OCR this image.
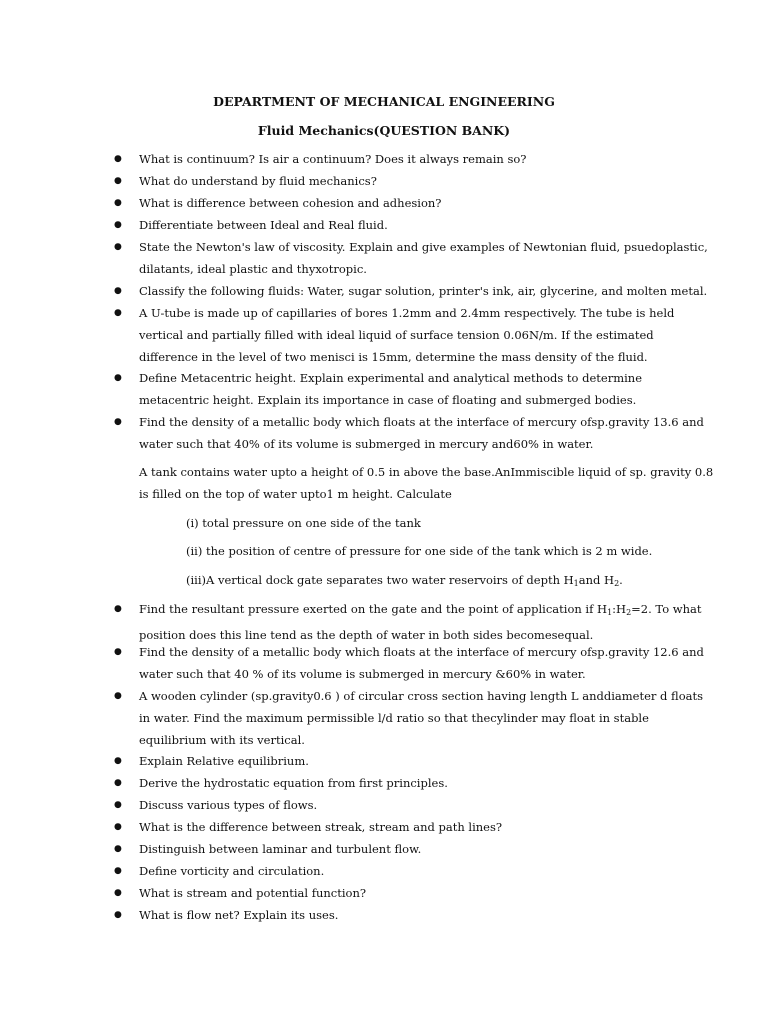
DEPARTMENT OF MECHANICAL ENGINEERING
Fluid Mechanics(QUESTION BANK)
● What is continuum? Is air a continuum? Does it always remain so?
● What do understand by fluid mechanics?
● What is difference between cohesion and adhesion?
● Differentiate between Ideal and Real fluid.
● State the Newton's law of viscosity. Explain and give examples of Newtonian fluid, psuedoplastic,
dilatants, ideal plastic and thyxotropic.
● Classify the following fluids: Water, sugar solution, printer's ink, air, glycerine, and molten metal.
● A U-tube is made up of capillaries of bores 1.2mm and 2.4mm respectively. The tube is held
vertical and partially filled with ideal liquid of surface tension 0.06N/m. If the estimated
difference in the level of two menisci is 15mm, determine the mass density of the fluid.
● Define Metacentric height. Explain experimental and analytical methods to determine
metacentric height. Explain its importance in case of floating and submerged bodies.
● Find the density of a metallic body which floats at the interface of mercury ofsp.gravity 13.6 and
water such that 40% of its volume is submerged in mercury and60% in water.
A tank contains water upto a height of 0.5 in above the base.AnImmiscible liquid of sp. gravity 0.8
is filled on the top of water upto1 m height. Calculate
(i) total pressure on one side of the tank
(ii) the position of centre of pressure for one side of the tank which is 2 m wide.
(iii)A vertical dock gate separates two water reservoirs of depth $H_1and$ $H_2$.
● Find the resultant pressure exerted on the gate and the point of application if $H_1:H_2=2$. To what
position does this line tend as the depth of water in both sides becomesequal.
● Find the density of a metallic body which floats at the interface of mercury ofsp.gravity 12.6 and
water such that 40 % of its volume is submerged in mercury &60% in water.
● A wooden cylinder (sp.gravity0.6 ) of circular cross section having length L anddiameter d floats
in water. Find the maximum permissible l/d ratio so that thecylinder may float in stable
equilibrium with its vertical.
● Explain Relative equilibrium.
● Derive the hydrostatic equation from first principles.
● Discuss various types of flows.
● What is the difference between streak, stream and path lines?
● Distinguish between laminar and turbulent flow.
● Define vorticity and circulation.
● What is stream and potential function?
● What is flow net? Explain its uses.
